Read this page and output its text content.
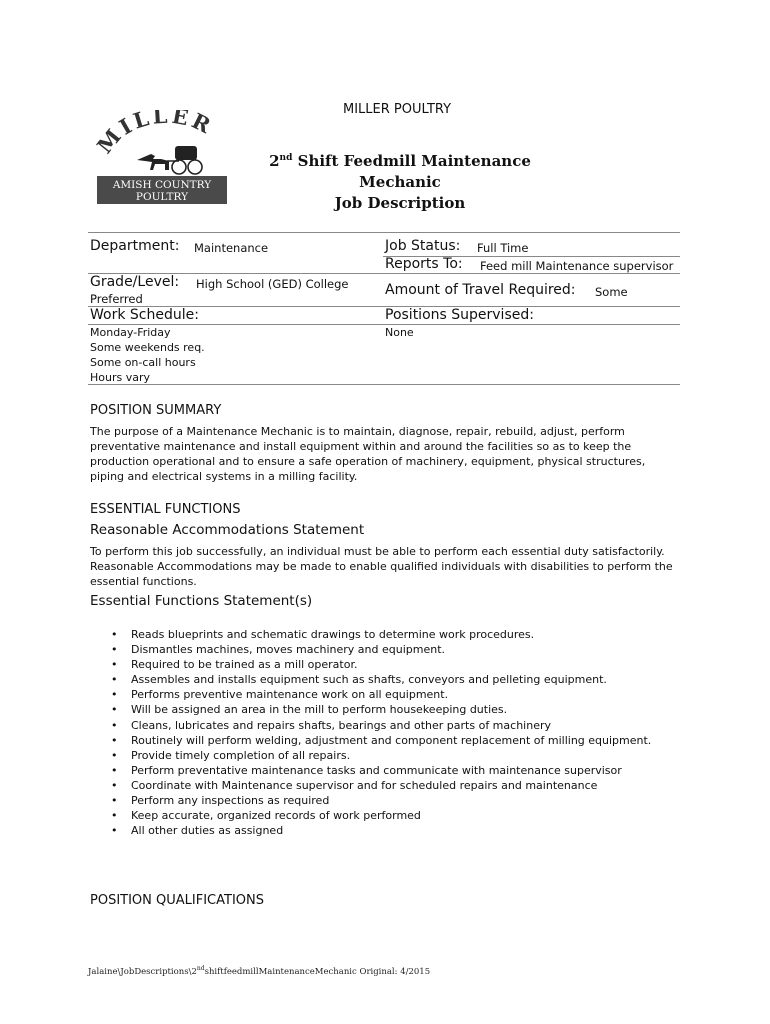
MILLER POULTRY
MILLER
AMISH COUNTRY
POULTRY
2nd Shift Feedmill Maintenance
Mechanic
Job Description
Department: Maintenance	Job Status: Full Time
Reports To: Feed mill Maintenance supervisor
Grade/Level: High School (GED) College
Preferred
Amount of Travel Required: Some
Work Schedule:	Positions Supervised:
Monday-Friday
Some weekends req.
Some on-call hours
Hours vary
None
POSITION SUMMARY
The purpose of a Maintenance Mechanic is to maintain, diagnose, repair, rebuild, adjust, perform preventative maintenance and install equipment within and around the facilities so as to keep the production operational and to ensure a safe operation of machinery, equipment, physical structures, piping and electrical systems in a milling facility.
ESSENTIAL FUNCTIONS
Reasonable Accommodations Statement
To perform this job successfully, an individual must be able to perform each essential duty satisfactorily. Reasonable Accommodations may be made to enable qualified individuals with disabilities to perform the essential functions.
Essential Functions Statement(s)
• Reads blueprints and schematic drawings to determine work procedures.
• Dismantles machines, moves machinery and equipment.
• Required to be trained as a mill operator.
• Assembles and installs equipment such as shafts, conveyors and pelleting equipment.
• Performs preventive maintenance work on all equipment.
• Will be assigned an area in the mill to perform housekeeping duties.
• Cleans, lubricates and repairs shafts, bearings and other parts of machinery
• Routinely will perform welding, adjustment and component replacement of milling equipment.
• Provide timely completion of all repairs.
• Perform preventative maintenance tasks and communicate with maintenance supervisor
• Coordinate with Maintenance supervisor and for scheduled repairs and maintenance
• Perform any inspections as required
• Keep accurate, organized records of work performed
• All other duties as assigned
POSITION QUALIFICATIONS
Jalaine\JobDescriptions\2ndshiftfeedmillMaintenanceMechanic Original: 4/2015
